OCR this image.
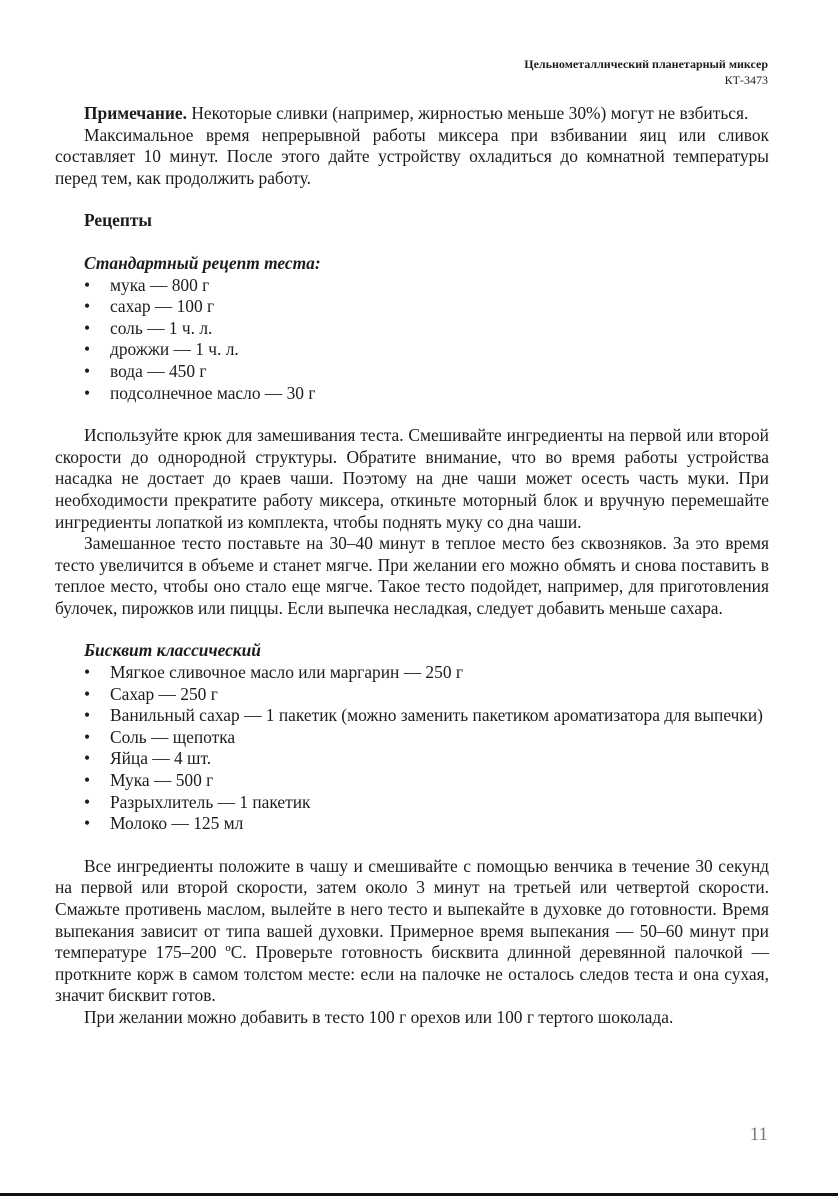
Цельнометаллический планетарный миксер
КТ-3473

Примечание. Некоторые сливки (например, жирностью меньше 30%) могут не взбиться.

Максимальное время непрерывной работы миксера при взбивании яиц или сливок составляет 10 минут. После этого дайте устройству охладиться до комнатной температуры перед тем, как продолжить работу.

Рецепты
Стандартный рецепт теста:
• мука — 800 г
• сахар — 100 г
• соль — 1 ч. л.
• дрожжи — 1 ч. л.
• вода — 450 г
• подсолнечное масло — 30 г

Используйте крюк для замешивания теста. Смешивайте ингредиенты на первой или второй скорости до однородной структуры. Обратите внимание, что во время работы устройства насадка не достает до краев чаши. Поэтому на дне чаши может осесть часть муки. При необходимости прекратите работу миксера, откиньте моторный блок и вручную перемешайте ингредиенты лопаткой из комплекта, чтобы поднять муку со дна чаши.

Замешанное тесто поставьте на 30–40 минут в теплое место без сквозняков. За это время тесто увеличится в объеме и станет мягче. При желании его можно обмять и снова поставить в теплое место, чтобы оно стало еще мягче. Такое тесто подойдет, например, для приготовления булочек, пирожков или пиццы. Если выпечка несладкая, следует добавить меньше сахара.

Бисквит классический
• Мягкое сливочное масло или маргарин — 250 г
• Сахар — 250 г
• Ванильный сахар — 1 пакетик (можно заменить пакетиком ароматизатора для выпечки)
• Соль — щепотка
• Яйца — 4 шт.
• Мука — 500 г
• Разрыхлитель — 1 пакетик
• Молоко — 125 мл

Все ингредиенты положите в чашу и смешивайте с помощью венчика в течение 30 секунд на первой или второй скорости, затем около 3 минут на третьей или четвертой скорости. Смажьте противень маслом, вылейте в него тесто и выпекайте в духовке до готовности. Время выпекания зависит от типа вашей духовки. Примерное время выпекания — 50–60 минут при температуре 175–200 ºС. Проверьте готовность бисквита длинной деревянной палочкой — проткните корж в самом толстом месте: если на палочке не осталось следов теста и она сухая, значит бисквит готов.

При желании можно добавить в тесто 100 г орехов или 100 г тертого шоколада.

11
